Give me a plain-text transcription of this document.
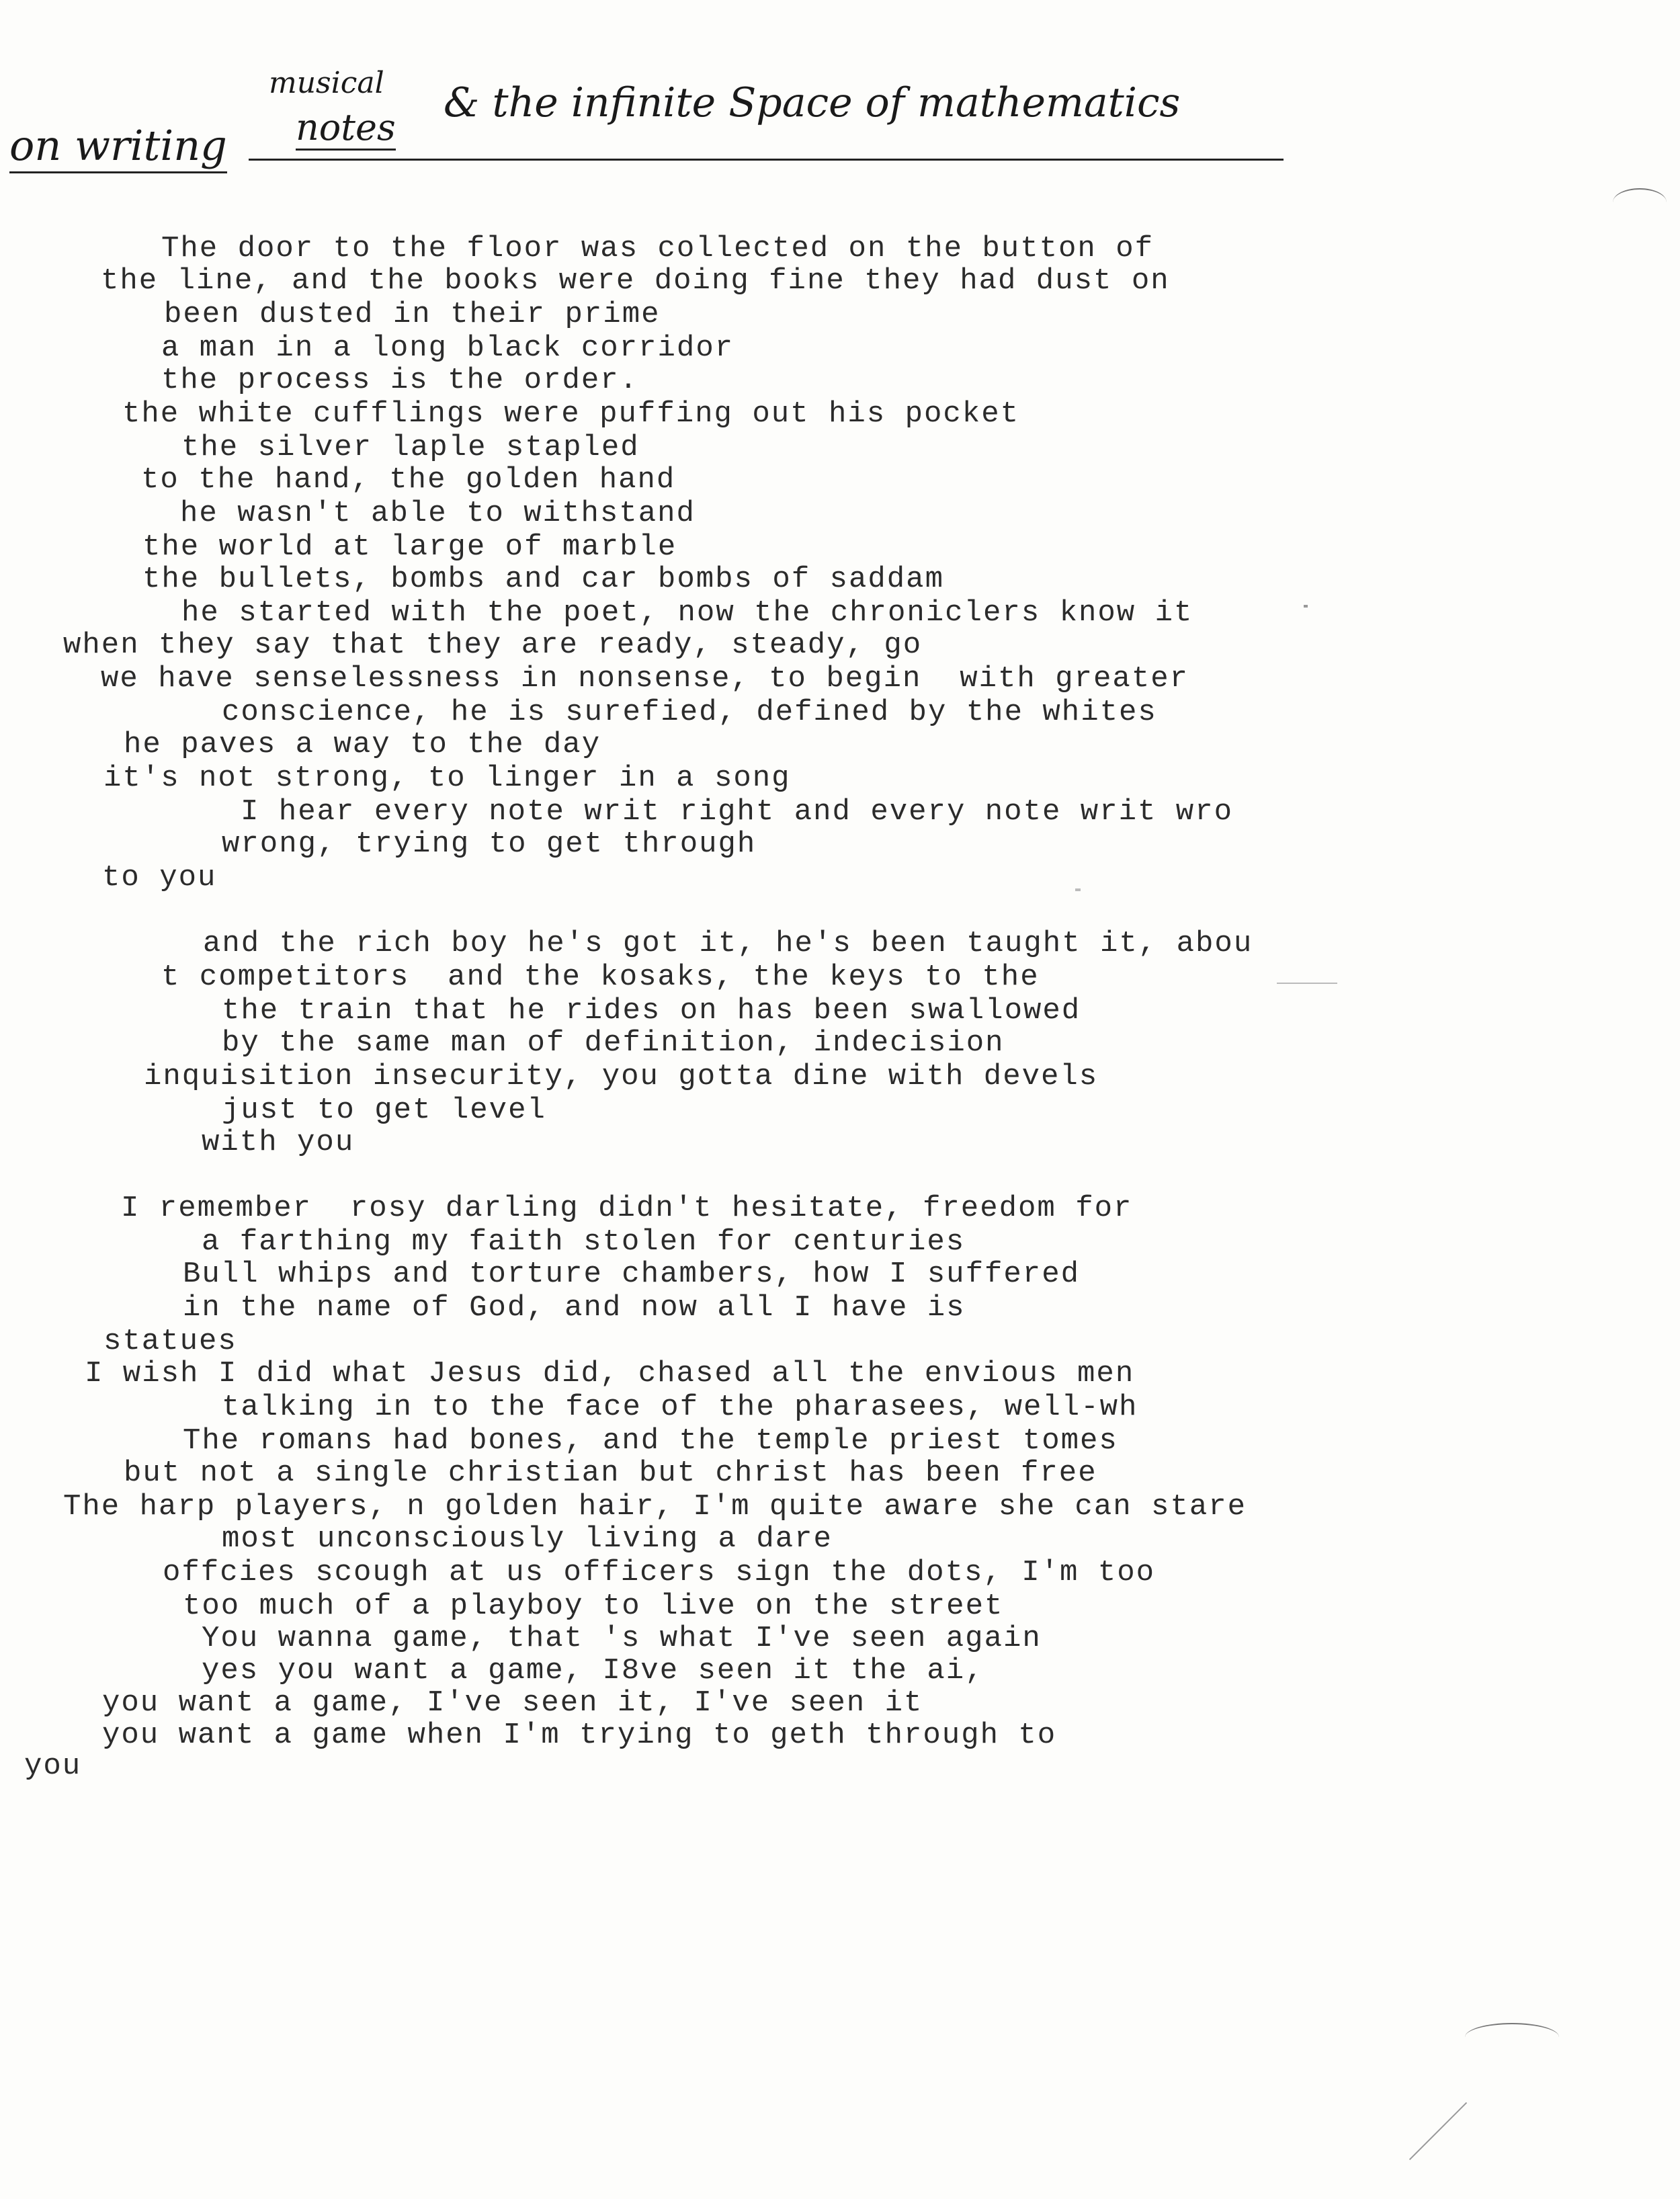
on writing
musical
notes
& the infinite Space of mathematics
The door to the floor was collected on the button of
the line, and the books were doing fine they had dust on
been dusted in their prime
a man in a long black corridor
the process is the order.
the white cufflings were puffing out his pocket
the silver laple stapled
to the hand, the golden hand
he wasn't able to withstand
the world at large of marble
the bullets, bombs and car bombs of saddam
he started with the poet, now the chroniclers know it
when they say that they are ready, steady, go
we have senselessness in nonsense, to begin  with greater
conscience, he is surefied, defined by the whites
he paves a way to the day
it's not strong, to linger in a song
I hear every note writ right and every note writ wro
wrong, trying to get through
to you
and the rich boy he's got it, he's been taught it, abou
t competitors  and the kosaks, the keys to the
the train that he rides on has been swallowed
by the same man of definition, indecision
inquisition insecurity, you gotta dine with devels
just to get level
with you
I remember  rosy darling didn't hesitate, freedom for
a farthing my faith stolen for centuries
Bull whips and torture chambers, how I suffered
in the name of God, and now all I have is
statues
I wish I did what Jesus did, chased all the envious men
talking in to the face of the pharasees, well-wh
The romans had bones, and the temple priest tomes
but not a single christian but christ has been free
The harp players, n golden hair, I'm quite aware she can stare
most unconsciously living a dare
offcies scough at us officers sign the dots, I'm too
too much of a playboy to live on the street
You wanna game, that 's what I've seen again
yes you want a game, I8ve seen it the ai,
you want a game, I've seen it, I've seen it
you want a game when I'm trying to geth through to
you
